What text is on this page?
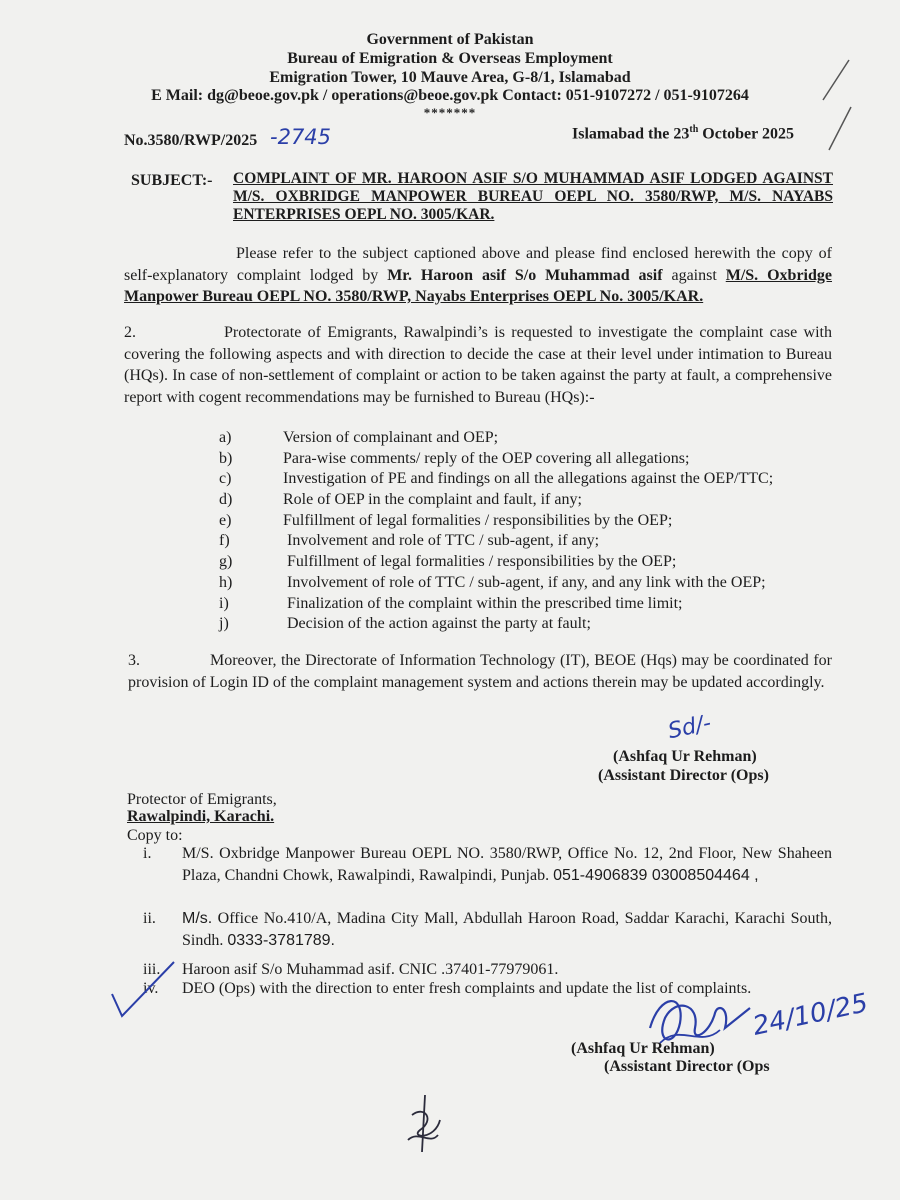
Government of Pakistan
Bureau of Emigration & Overseas Employment
Emigration Tower, 10 Mauve Area, G-8/1, Islamabad
E Mail: dg@beoe.gov.pk / operations@beoe.gov.pk Contact: 051-9107272 / 051-9107264
*******
No.3580/RWP/2025 -2745	Islamabad the 23th October 2025
SUBJECT:- COMPLAINT OF MR. HAROON ASIF S/O MUHAMMAD ASIF LODGED AGAINST M/S. OXBRIDGE MANPOWER BUREAU OEPL NO. 3580/RWP, M/S. NAYABS ENTERPRISES OEPL NO. 3005/KAR.
Please refer to the subject captioned above and please find enclosed herewith the copy of self-explanatory complaint lodged by Mr. Haroon asif S/o Muhammad asif against M/S. Oxbridge Manpower Bureau OEPL NO. 3580/RWP, Nayabs Enterprises OEPL No. 3005/KAR.
2.	Protectorate of Emigrants, Rawalpindi’s is requested to investigate the complaint case with covering the following aspects and with direction to decide the case at their level under intimation to Bureau (HQs). In case of non-settlement of complaint or action to be taken against the party at fault, a comprehensive report with cogent recommendations may be furnished to Bureau (HQs):-
a)	Version of complainant and OEP;
b)	Para-wise comments/ reply of the OEP covering all allegations;
c)	Investigation of PE and findings on all the allegations against the OEP/TTC;
d)	Role of OEP in the complaint and fault, if any;
e)	Fulfillment of legal formalities / responsibilities by the OEP;
f)	Involvement and role of TTC / sub-agent, if any;
g)	Fulfillment of legal formalities / responsibilities by the OEP;
h)	Involvement of role of TTC / sub-agent, if any, and any link with the OEP;
i)	Finalization of the complaint within the prescribed time limit;
j)	Decision of the action against the party at fault;
3.	Moreover, the Directorate of Information Technology (IT), BEOE (Hqs) may be coordinated for provision of Login ID of the complaint management system and actions therein may be updated accordingly.
Sd/-
(Ashfaq Ur Rehman)
(Assistant Director (Ops)
Protector of Emigrants,
Rawalpindi, Karachi.
Copy to:
i.	M/S. Oxbridge Manpower Bureau OEPL NO. 3580/RWP, Office No. 12, 2nd Floor, New Shaheen Plaza, Chandni Chowk, Rawalpindi, Rawalpindi, Punjab. 051-4906839 03008504464 ,
ii.	M/s. Office No.410/A, Madina City Mall, Abdullah Haroon Road, Saddar Karachi, Karachi South, Sindh. 0333-3781789.
iii.	Haroon asif S/o Muhammad asif. CNIC .37401-77979061.
iv.	DEO (Ops) with the direction to enter fresh complaints and update the list of complaints.
24/10/25
(Ashfaq Ur Rehman)
(Assistant Director (Ops
